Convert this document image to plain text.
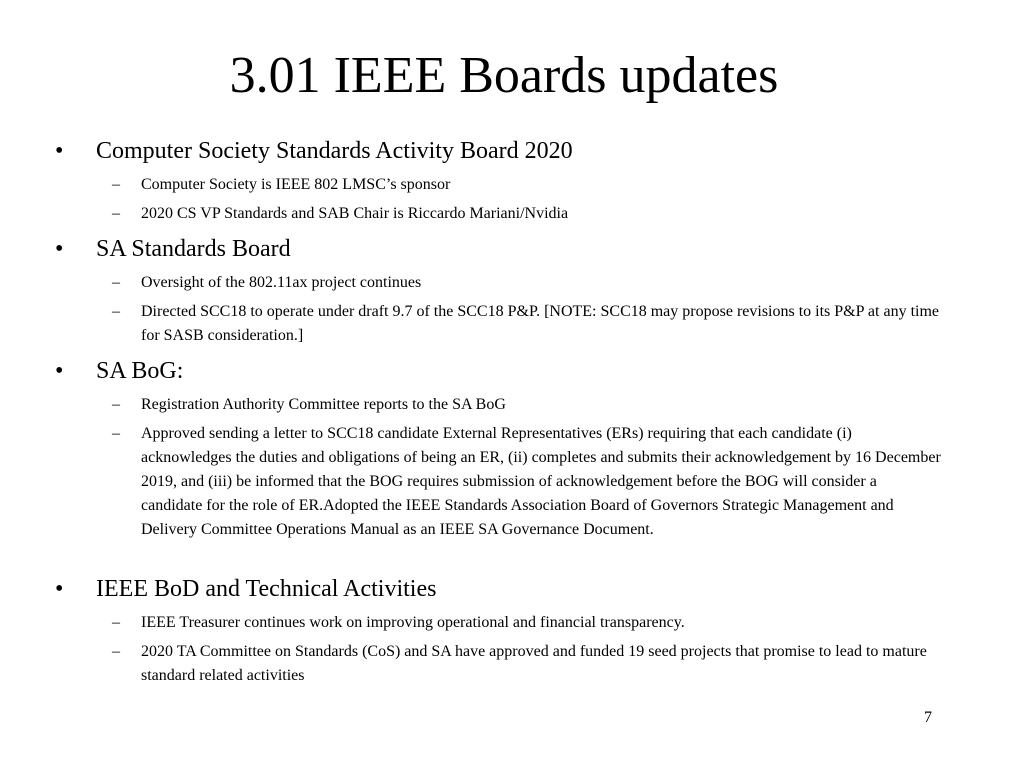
3.01 IEEE Boards updates
• Computer Society Standards Activity Board 2020
– Computer Society is IEEE 802 LMSC’s sponsor
– 2020 CS VP Standards and SAB Chair is Riccardo Mariani/Nvidia
• SA Standards Board
– Oversight of the 802.11ax project continues
– Directed SCC18 to operate under draft 9.7 of the SCC18 P&P. [NOTE: SCC18 may propose revisions to its P&P at any time for SASB consideration.]
• SA BoG:
– Registration Authority Committee reports to the SA BoG
– Approved sending a letter to SCC18 candidate External Representatives (ERs) requiring that each candidate (i) acknowledges the duties and obligations of being an ER, (ii) completes and submits their acknowledgement by 16 December 2019, and (iii) be informed that the BOG requires submission of acknowledgement before the BOG will consider a candidate for the role of ER.Adopted the IEEE Standards Association Board of Governors Strategic Management and Delivery Committee Operations Manual as an IEEE SA Governance Document.
• IEEE BoD and Technical Activities
– IEEE Treasurer continues work on improving operational and financial transparency.
– 2020 TA Committee on Standards (CoS) and SA have approved and funded 19 seed projects that promise to lead to mature standard related activities
7
